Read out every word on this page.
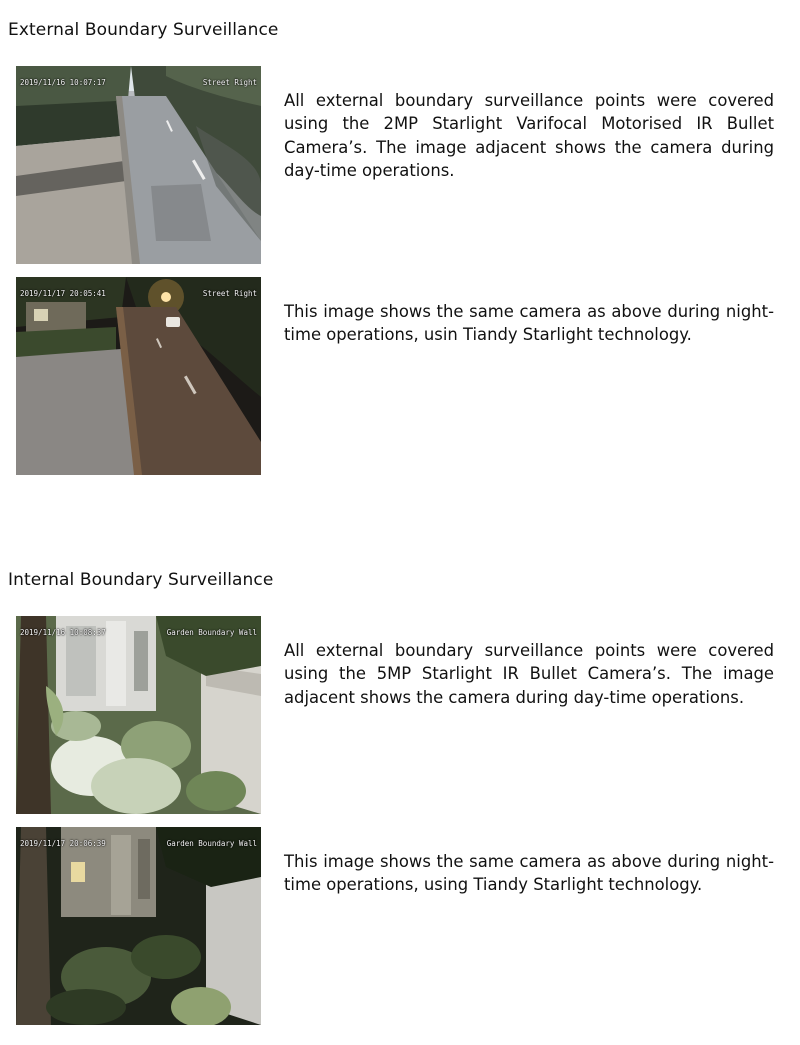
External Boundary Surveillance
2019/11/16 10:07:17	Street Right

All external boundary surveillance points were covered using the 2MP Starlight Varifocal Motorised IR Bullet Camera’s. The image adjacent shows the camera during day-time operations.

2019/11/17 20:05:41	Street Right

This image shows the same camera as above during night-time operations, usin Tiandy Starlight technology.

Internal Boundary Surveillance
2019/11/16 10:08:37	Garden Boundary Wall

All external boundary surveillance points were covered using the 5MP Starlight IR Bullet Camera’s. The image adjacent shows the camera during day-time operations.

2019/11/17 20:06:39	Garden Boundary Wall

This image shows the same camera as above during night-time operations, using Tiandy Starlight technology.
